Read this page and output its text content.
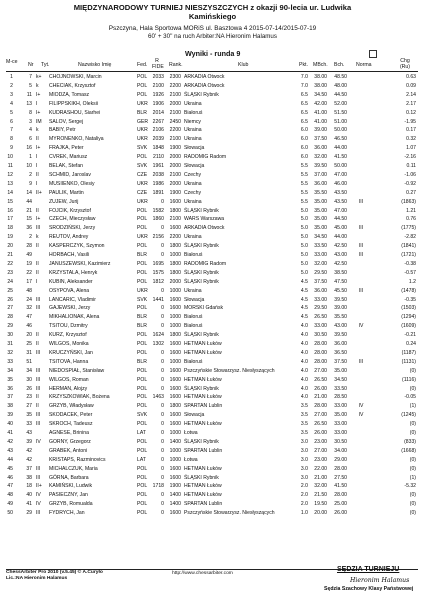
MIĘDZYNARODOWY TURNIEJ NIESZYSZCZYCH z okazji 90-lecia ur. Ludwika
Kamińskiego
Pszczyna, Hala Sportowa MORiS ul. Basztowa 4 2015-07-14/2015-07-19
60' + 30'' na ruch Arbiter:NA Hieronim Halamus
Wyniki - runda 9
M-ce Nr Tyt.	Nazwisko Imię	Fed.
R FIDE Rank.	Klub	Pkt. MBch. Bch. Norma
Chg (Ru)
1	7 k+	CHOJNOWSKI, Marcin	POL	2033	2300 ARKADIA Otwock	7.0	38.00	48.50	0.63
2	5 k	CHECIAK, Krzysztof	POL	2100	2200 ARKADIA Otwock	7.0	38.00	48.00	0.09
3	11 I+	MIODZA, Tomasz	POL	1926	2100 ŚLĄSKI Rybnik	6.5	34.50	44.50	2.14
4	13 I	FILIPPSKIKH, Oleksii	UKR 1906	2000 Ukraina	6.5	42.00	52.00	2.17
5	8 I+	KUDRASHOU, Siarhei	BLR	2014	2100 Białoruś	6.5	41.00	51.50	0.12
6	3 IM	SALOV, Sergej	GER 2267	2450 Niemcy	6.5	41.00	51.00	-1.95
7	4 k	BABIY, Petr	UKR 2106	2200 Ukraina	6.0	39.00	50.00	0.17
8	6 II	MYRONENKO, Nataliya	UKR 2039	2100 Ukraina	6.0	37.50	46.50	0.32
9	16 I+	FRAJKA, Peter	SVK	1848	1900 Słowacja	6.0	36.00	44.00	1.07
10	1 I	CVREK, Mariusz	POL	2110	2000 RADOMIG Radom	6.0	32.00	41.50	-2.16
11	10 I	BELAK, Stefan	SVK	1961	2000 Słowacja	5.5	39.50	50.00	0.11
12	2 II	SCHMID, Jaroslav	CZE	2038	2100 Czechy	5.5	37.00	47.00	-1.06
13	9 I	MUSIIENKO, Olesiy	UKR 1986	2000 Ukraina	5.5	36.00	46.00	-0.92
14	14 II+	PAULIK, Martin	CZE	1891	1900 Czechy	5.5	35.50	43.50	0.27
15	44	ZUJEW, Jurij	UKR	0	1600 Ukraina	5.5	35.00	43.50	III	(1863)
16	21 II	FOJCIK, Krzysztof	POL	1582	1800 ŚLĄSKI Rybnik	5.0	35.00	47.00	1.21
17	15 I+	CZECH, Mieczysław	POL	1860	2100 WARS Warszawa	5.0	35.00	44.50	0.76
18	36 III	SRODZIŃSKI, Jerzy	POL	0	1600 ARKADIA Otwock	5.0	35.00	45.00	III	(1775)
19	2 k	REUTOV, Andrey	UKR 2156	2200 Ukraina	5.0	34.50	44.00	-2.82
20	28 II	KASPERCZYK, Szymon	POL	0	1800 ŚLĄSKI Rybnik	5.0	33.50	42.50	III	(1841)
21	49	HORBACH, Vasili	BLR	0	1000 Białoruś	5.0	33.00	43.00	III	(1721)
22	19 II	JANUSZEWSKI, Kazimierz	POL	1695	1800 RADOMIG Radom	5.0	32.00	42.50	-0.38
23	22 II	KRZYSTALA, Henryk	POL	1575	1800 ŚLĄSKI Rybnik	5.0	29.50	38.50	-0.57
24	17 I	KUBIN, Aleksander	POL	1812	2000 ŚLĄSKI Rybnik	4.5	37.50	47.50	1.2
25	48	OSYPOVA, Alena	UKR	0	1000 Ukraina	4.5	36.00	45.50	III	(1478)
26	24 III	LANCARIC, Vladimir	SVK	1441	1600 Słowacja	4.5	33.00	39.50	-0.35
27	32 III	GAJEWSKI, Jerzy	POL	0	1600 MORSKI Gdańsk	4.5	29.50	39.00	(1503)
28	47	MIKHALIONAK, Alena	BLR	0	1000 Białoruś	4.5	26.50	35.50	(1294)
29	46	TSITOU, Dzmitry	BLR	0	1000 Białoruś	4.0	33.00	43.00	IV	(1609)
30	20 II	KURZ, Krzysztof	POL	1624	1800 ŚLĄSKI Rybnik	4.0	30.50	39.50	-0.21
31	25 II	WILGOS, Monika	POL	1302	1600 HETMAN Łuków	4.0	28.00	36.00	0.24
32	31 III	KRUCZYŃSKI, Jan	POL	0	1600 HETMAN Łuków	4.0	28.00	36.50	(1187)
33	51	TSITOVA, Hanna	BLR	0	1000 Białoruś	4.0	28.00	37.50	III	(1131)
34	34 III	NIEDOSPIAŁ, Stanisław	POL	0	1600 Pszczyńskie Stowarzysz. Niesłyszących	4.0	27.00	35.00	(0)
35	30 III	WILGOS, Roman	POL	0	1600 HETMAN Łuków	4.0	26.50	34.50	(1116)
36	26 III	HERMAN, Alojzy	POL	0	1600 ŚLĄSKI Rybnik	4.0	26.00	33.50	(0)
37	23 II	KRZYSZKOWIAK, Bożena	POL	1463	1600 HETMAN Łuków	4.0	21.00	28.50	-0.05
38	27 II	GRZYB, Władysław	POL	0	1800 SPARTAN Lublin	3.5	28.00	33.00	IV	(1)
39	35 III	SKODACEK, Peter	SVK	0	1600 Słowacja	3.5	27.00	35.00	IV	(1245)
40	33 III	SKROCH, Tadeusz	POL	0	1600 HETMAN Łuków	3.5	26.50	33.00	(0)
41	43	AGNESE, Brinina	LAT	0	1000 Łotwa	3.5	26.00	33.00	(0)
42	39 IV	GORNY, Grzegorz	POL	0	1400 ŚLĄSKI Rybnik	3.0	23.00	30.50	(833)
43	42	GRABEK, Antoni	POL	0	1000 SPARTAN Lublin	3.0	27.00	34.00	(1668)
44	42	KRISTAPS, Razminovics	LAT	0	1000 Łotwa	3.0	23.00	29.00	(0)
45	37 III	MICHALCZUK, Maria	POL	0	1600 HETMAN Łuków	3.0	22.00	28.00	(0)
46	38 III	GÓRNA, Barbara	POL	0	1600 ŚLĄSKI Rybnik	3.0	21.00	27.50	(1)
47	18 II+	KAMIŃSKI, Ludwik	POL	1718	1900 HETMAN Łuków	2.0	32.00	41.50	-5.32
48	40 IV	PASIECZNY, Jan	POL	0	1400 HETMAN Łuków	2.0	21.50	28.00	(0)
49	41 IV	GRZYB, Romualda	POL	0	1400 SPARTAN Lublin	2.0	19.50	25.00	(0)
50	29 III	FYDRYCH, Jan	POL	0	1600 Pszczyńskie Stowarzysz. Niesłyszących	1.0	20.00	26.00	(0)
ChessArbiter Pro 2010 (v.5.45) © A.Curyło
Lic.:NA Hieronim Halamus
http://www.chessarbiter.com
SĘDZIA TURNIEJU
Hieronim Halamus
Sędzia Szachowy Klasy Państwowej
